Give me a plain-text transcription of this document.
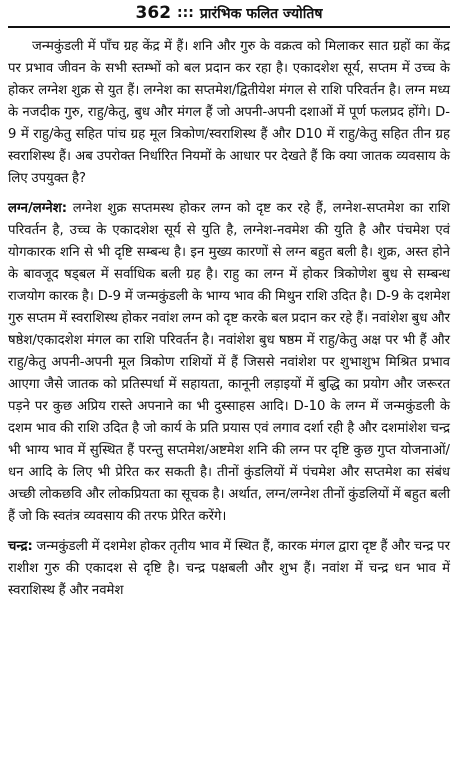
362 ::: प्रारंभिक फलित ज्योतिष

जन्मकुंडली में पाँच ग्रह केंद्र में हैं। शनि और गुरु के वक्रत्व को मिलाकर सात ग्रहों का केंद्र पर प्रभाव जीवन के सभी स्तम्भों को बल प्रदान कर रहा है। एकादशेश सूर्य, सप्तम में उच्च के होकर लग्नेश शुक्र से युत हैं। लग्नेश का सप्तमेश/द्वितीयेश मंगल से राशि परिवर्तन है। लग्न मध्य के नजदीक गुरु, राहु/केतु, बुध और मंगल हैं जो अपनी-अपनी दशाओं में पूर्ण फलप्रद होंगे। D-9 में राहु/केतु सहित पांच ग्रह मूल त्रिकोण/स्वराशिस्थ हैं और D10 में राहु/केतु सहित तीन ग्रह स्वराशिस्थ हैं। अब उपरोक्त निर्धारित नियमों के आधार पर देखते हैं कि क्या जातक व्यवसाय के लिए उपयुक्त है?

लग्न/लग्नेश: लग्नेश शुक्र सप्तमस्थ होकर लग्न को दृष्ट कर रहे हैं, लग्नेश-सप्तमेश का राशि परिवर्तन है, उच्च के एकादशेश सूर्य से युति है, लग्नेश-नवमेश की युति है और पंचमेश एवं योगकारक शनि से भी दृष्टि सम्बन्ध है। इन मुख्य कारणों से लग्न बहुत बली है। शुक्र, अस्त होने के बावजूद षड्बल में सर्वाधिक बली ग्रह है। राहु का लग्न में होकर त्रिकोणेश बुध से सम्बन्ध राजयोग कारक है। D-9 में जन्मकुंडली के भाग्य भाव की मिथुन राशि उदित है। D-9 के दशमेश गुरु सप्तम में स्वराशिस्थ होकर नवांश लग्न को दृष्ट करके बल प्रदान कर रहे हैं। नवांशेश बुध और षष्ठेश/एकादशेश मंगल का राशि परिवर्तन है। नवांशेश बुध षष्ठम में राहु/केतु अक्ष पर भी हैं और राहु/केतु अपनी-अपनी मूल त्रिकोण राशियों में हैं जिससे नवांशेश पर शुभाशुभ मिश्रित प्रभाव आएगा जैसे जातक को प्रतिस्पर्धा में सहायता, कानूनी लड़ाइयों में बुद्धि का प्रयोग और जरूरत पड़ने पर कुछ अप्रिय रास्ते अपनाने का भी दुस्साहस आदि। D-10 के लग्न में जन्मकुंडली के दशम भाव की राशि उदित है जो कार्य के प्रति प्रयास एवं लगाव दर्शा रही है और दशमांशेश चन्द्र भी भाग्य भाव में सुस्थित हैं परन्तु सप्तमेश/अष्टमेश शनि की लग्न पर दृष्टि कुछ गुप्त योजनाओं/धन आदि के लिए भी प्रेरित कर सकती है। तीनों कुंडलियों में पंचमेश और सप्तमेश का संबंध अच्छी लोकछवि और लोकप्रियता का सूचक है। अर्थात, लग्न/लग्नेश तीनों कुंडलियों में बहुत बली हैं जो कि स्वतंत्र व्यवसाय की तरफ प्रेरित करेंगे।

चन्द्र: जन्मकुंडली में दशमेश होकर तृतीय भाव में स्थित हैं, कारक मंगल द्वारा दृष्ट हैं और चन्द्र पर राशीश गुरु की एकादश से दृष्टि है। चन्द्र पक्षबली और शुभ हैं। नवांश में चन्द्र धन भाव में स्वराशिस्थ हैं और नवमेश
